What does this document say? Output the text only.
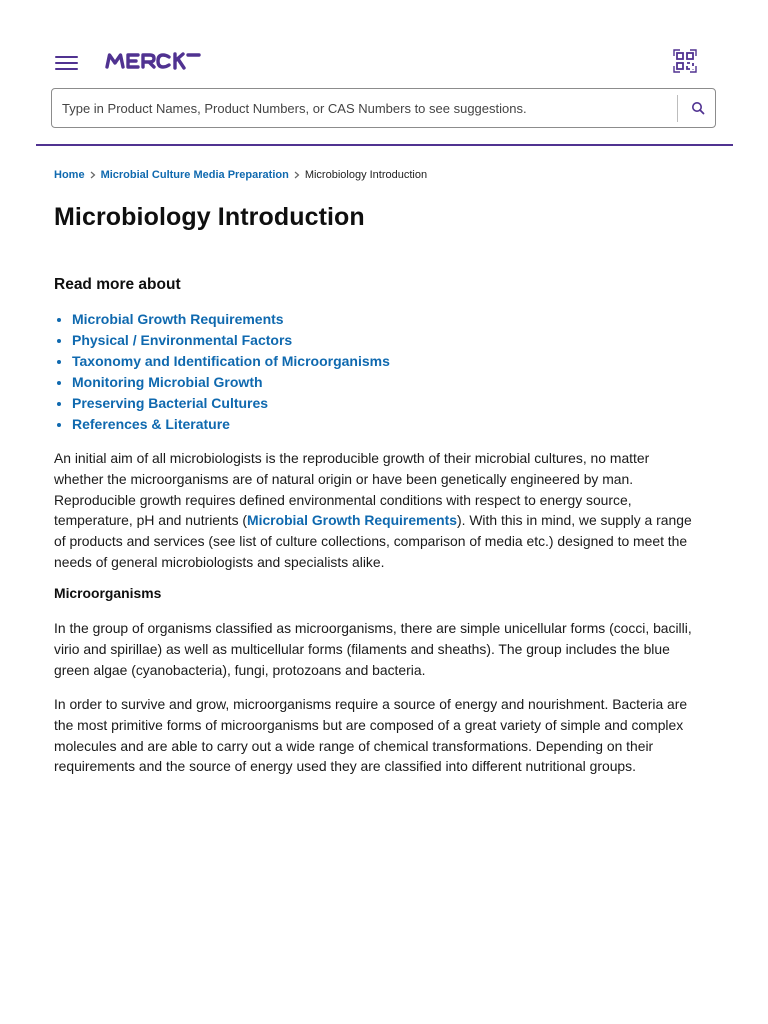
Type in Product Names, Product Numbers, or CAS Numbers to see suggestions.
Home Microbial Culture Media Preparation Microbiology Introduction
Microbiology Introduction
Read more about
• Microbial Growth Requirements
• Physical / Environmental Factors
• Taxonomy and Identification of Microorganisms
• Monitoring Microbial Growth
• Preserving Bacterial Cultures
• References & Literature

An initial aim of all microbiologists is the reproducible growth of their microbial cultures, no matter whether the microorganisms are of natural origin or have been genetically engineered by man. Reproducible growth requires defined environmental conditions with respect to energy source, temperature, pH and nutrients (Microbial Growth Requirements). With this in mind, we supply a range of products and services (see list of culture collections, comparison of media etc.) designed to meet the needs of general microbiologists and specialists alike.

Microorganisms

In the group of organisms classified as microorganisms, there are simple unicellular forms (cocci, bacilli, virio and spirillae) as well as multicellular forms (filaments and sheaths). The group includes the blue green algae (cyanobacteria), fungi, protozoans and bacteria.

In order to survive and grow, microorganisms require a source of energy and nourishment. Bacteria are the most primitive forms of microorganisms but are composed of a great variety of simple and complex molecules and are able to carry out a wide range of chemical transformations. Depending on their requirements and the source of energy used they are classified into different nutritional groups.
